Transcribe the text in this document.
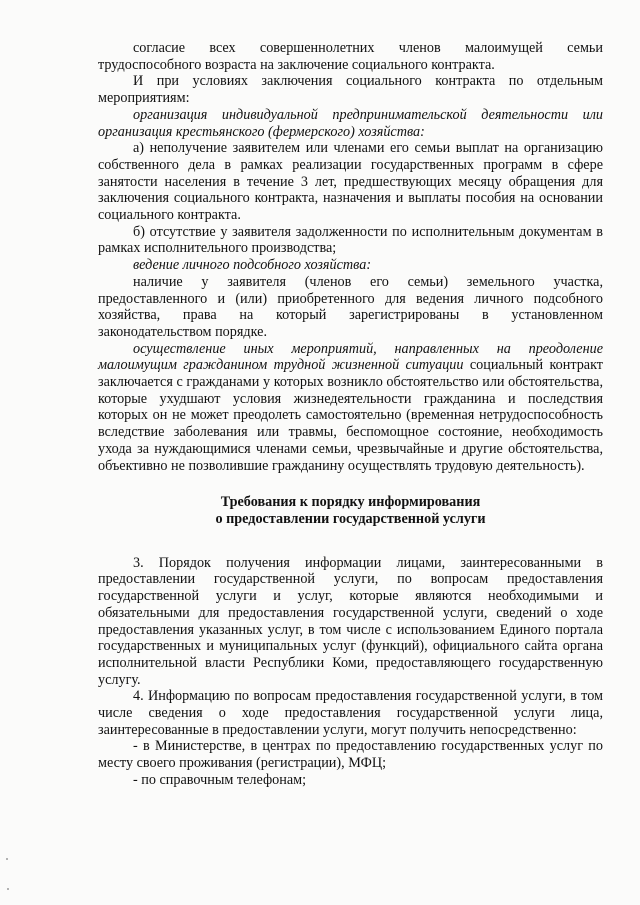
согласие всех совершеннолетних членов малоимущей семьи трудоспособного возраста на заключение социального контракта.

И при условиях заключения социального контракта по отдельным мероприятиям:

организация индивидуальной предпринимательской деятельности или организация крестьянского (фермерского) хозяйства:

а) неполучение заявителем или членами его семьи выплат на организацию собственного дела в рамках реализации государственных программ в сфере занятости населения в течение 3 лет, предшествующих месяцу обращения для заключения социального контракта, назначения и выплаты пособия на основании социального контракта.

б) отсутствие у заявителя задолженности по исполнительным документам в рамках исполнительного производства;

ведение личного подсобного хозяйства:

наличие у заявителя (членов его семьи) земельного участка, предоставленного и (или) приобретенного для ведения личного подсобного хозяйства, права на который зарегистрированы в установленном законодательством порядке.

осуществление иных мероприятий, направленных на преодоление малоимущим гражданином трудной жизненной ситуации социальный контракт заключается с гражданами у которых возникло обстоятельство или обстоятельства, которые ухудшают условия жизнедеятельности гражданина и последствия которых он не может преодолеть самостоятельно (временная нетрудоспособность вследствие заболевания или травмы, беспомощное состояние, необходимость ухода за нуждающимися членами семьи, чрезвычайные и другие обстоятельства, объективно не позволившие гражданину осуществлять трудовую деятельность).

Требования к порядку информирования
о предоставлении государственной услуги

3. Порядок получения информации лицами, заинтересованными в предоставлении государственной услуги, по вопросам предоставления государственной услуги и услуг, которые являются необходимыми и обязательными для предоставления государственной услуги, сведений о ходе предоставления указанных услуг, в том числе с использованием Единого портала государственных и муниципальных услуг (функций), официального сайта органа исполнительной власти Республики Коми, предоставляющего государственную услугу.

4. Информацию по вопросам предоставления государственной услуги, в том числе сведения о ходе предоставления государственной услуги лица, заинтересованные в предоставлении услуги, могут получить непосредственно:

- в Министерстве, в центрах по предоставлению государственных услуг по месту своего проживания (регистрации), МФЦ;

- по справочным телефонам;
